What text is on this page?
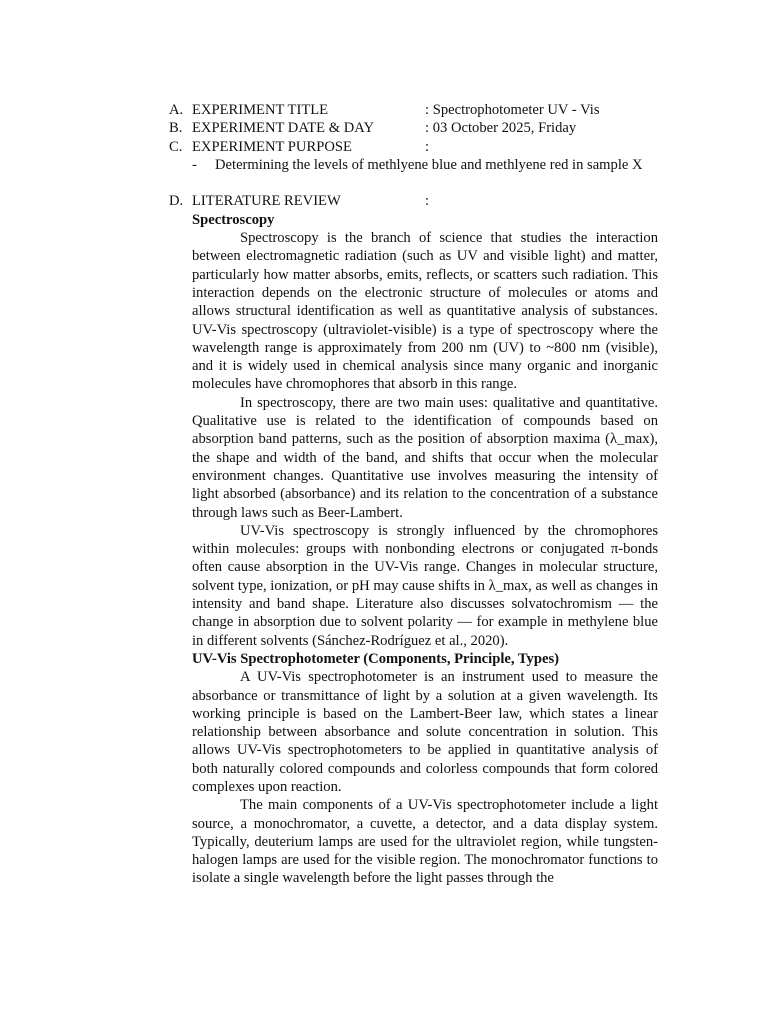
A. EXPERIMENT TITLE	: Spectrophotometer UV - Vis
B. EXPERIMENT DATE & DAY	: 03 October 2025, Friday
C. EXPERIMENT PURPOSE	:
- Determining the levels of methlyene blue and methlyene red in sample X
D. LITERATURE REVIEW	:
Spectroscopy

Spectroscopy is the branch of science that studies the interaction between electromagnetic radiation (such as UV and visible light) and matter, particularly how matter absorbs, emits, reflects, or scatters such radiation. This interaction depends on the electronic structure of molecules or atoms and allows structural identification as well as quantitative analysis of substances. UV-Vis spectroscopy (ultraviolet-visible) is a type of spectroscopy where the wavelength range is approximately from 200 nm (UV) to ~800 nm (visible), and it is widely used in chemical analysis since many organic and inorganic molecules have chromophores that absorb in this range.

In spectroscopy, there are two main uses: qualitative and quantitative. Qualitative use is related to the identification of compounds based on absorption band patterns, such as the position of absorption maxima (λ_max), the shape and width of the band, and shifts that occur when the molecular environment changes. Quantitative use involves measuring the intensity of light absorbed (absorbance) and its relation to the concentration of a substance through laws such as Beer-Lambert.

UV-Vis spectroscopy is strongly influenced by the chromophores within molecules: groups with nonbonding electrons or conjugated π-bonds often cause absorption in the UV-Vis range. Changes in molecular structure, solvent type, ionization, or pH may cause shifts in λ_max, as well as changes in intensity and band shape. Literature also discusses solvatochromism — the change in absorption due to solvent polarity — for example in methylene blue in different solvents (Sánchez-Rodríguez et al., 2020).

UV-Vis Spectrophotometer (Components, Principle, Types)

A UV-Vis spectrophotometer is an instrument used to measure the absorbance or transmittance of light by a solution at a given wavelength. Its working principle is based on the Lambert-Beer law, which states a linear relationship between absorbance and solute concentration in solution. This allows UV-Vis spectrophotometers to be applied in quantitative analysis of both naturally colored compounds and colorless compounds that form colored complexes upon reaction.

The main components of a UV-Vis spectrophotometer include a light source, a monochromator, a cuvette, a detector, and a data display system. Typically, deuterium lamps are used for the ultraviolet region, while tungsten-halogen lamps are used for the visible region. The monochromator functions to isolate a single wavelength before the light passes through the
